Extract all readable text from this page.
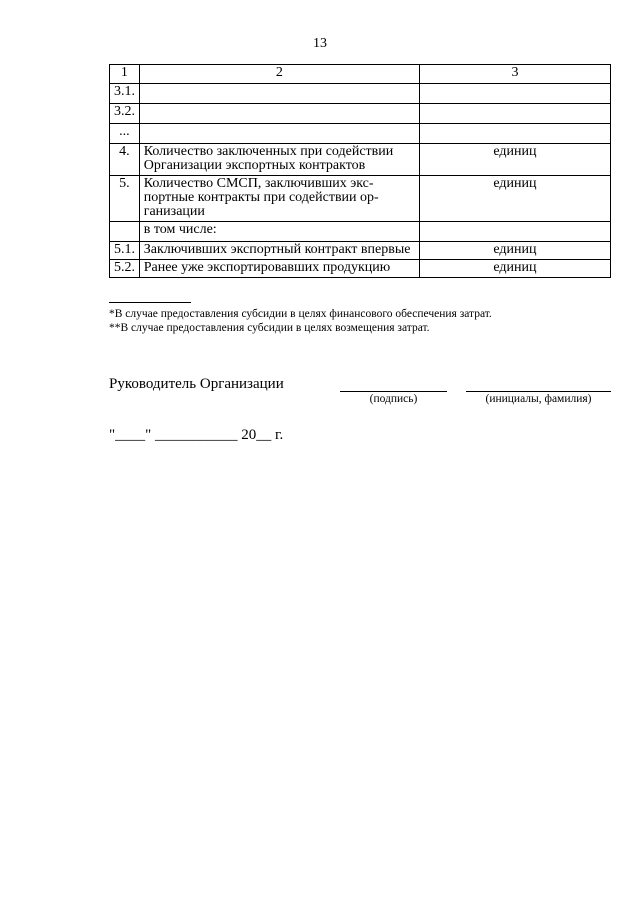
13
1	2	3
3.1.		
3.2.		
...		
4.	Количество заключенных при содействии Организации экспортных контрактов	единиц
5.	Количество СМСП, заключивших экс-портные контракты при содействии ор-ганизации	единиц
	в том числе:	
5.1.	Заключивших экспортный контракт впервые	единиц
5.2.	Ранее уже экспортировавших продукцию	единиц
*В случае предоставления субсидии в целях финансового обеспечения затрат.
**В случае предоставления субсидии в целях возмещения затрат.
Руководитель Организации
(подпись)	(инициалы, фамилия)
"____" ___________ 20__ г.
